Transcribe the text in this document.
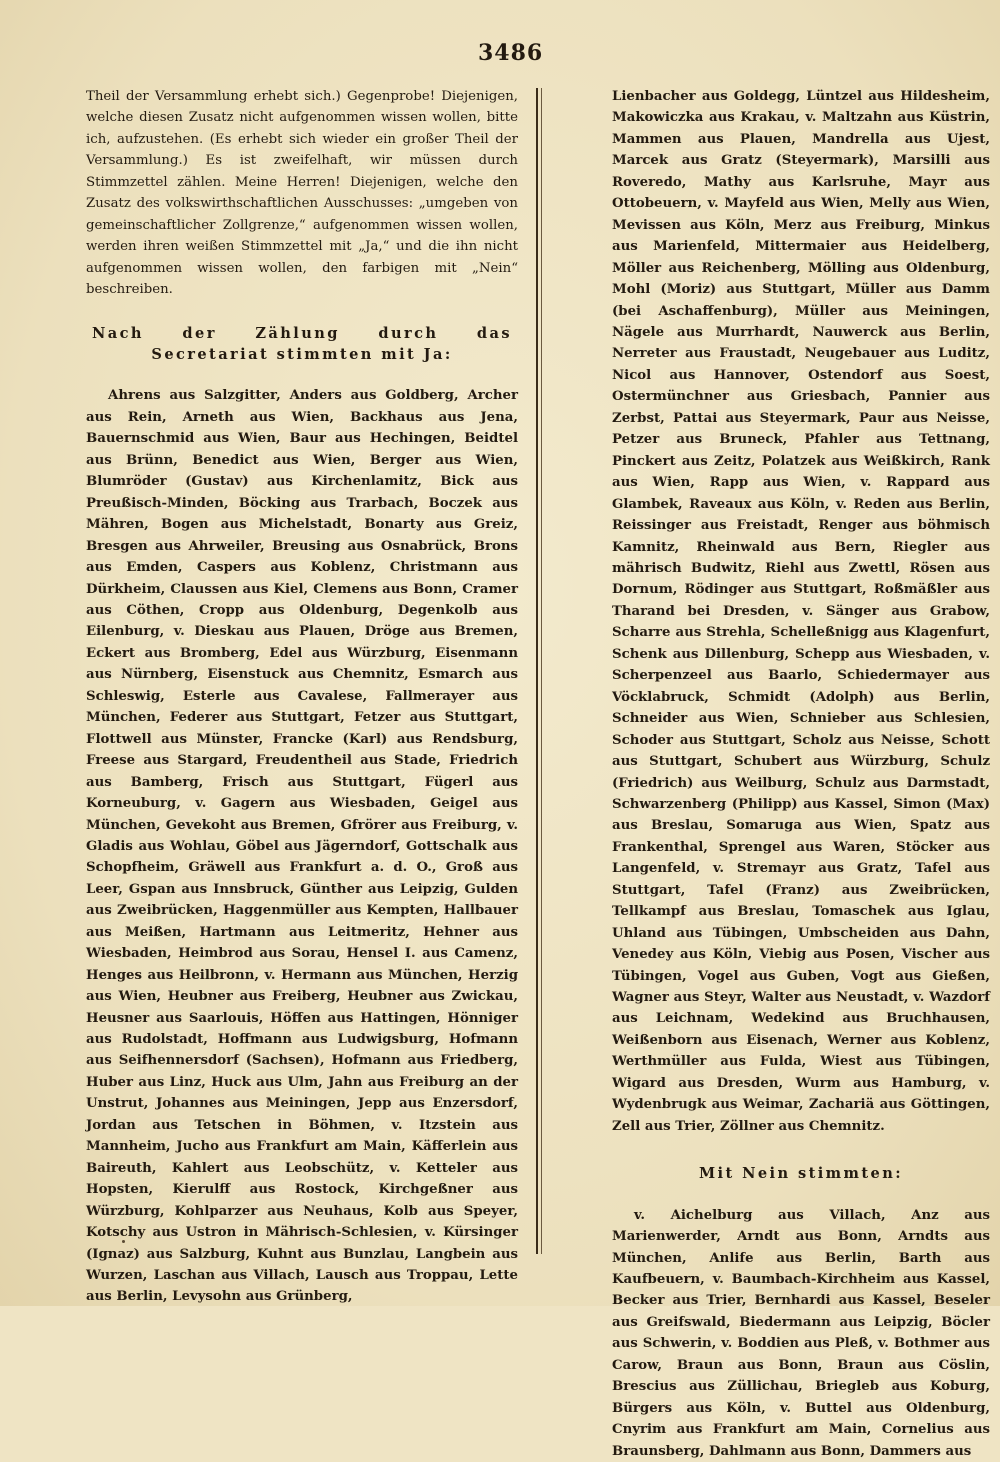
3486

Theil der Versammlung erhebt sich.) Gegenprobe! Diejenigen, welche diesen Zusatz nicht aufgenommen wissen wollen, bitte ich, aufzustehen. (Es erhebt sich wieder ein großer Theil der Versammlung.) Es ist zweifelhaft, wir müssen durch Stimmzettel zählen. Meine Herren! Diejenigen, welche den Zusatz des volkswirthschaftlichen Ausschusses: „umgeben von gemeinschaftlicher Zollgrenze,“ aufgenommen wissen wollen, werden ihren weißen Stimmzettel mit „Ja,“ und die ihn nicht aufgenommen wissen wollen, den farbigen mit „Nein“ beschreiben.

Nach der Zählung durch das Secretariat stimmten mit Ja:

Ahrens aus Salzgitter, Anders aus Goldberg, Archer aus Rein, Arneth aus Wien, Backhaus aus Jena, Bauernschmid aus Wien, Baur aus Hechingen, Beidtel aus Brünn, Benedict aus Wien, Berger aus Wien, Blumröder (Gustav) aus Kirchenlamitz, Bick aus Preußisch-Minden, Böcking aus Trarbach, Boczek aus Mähren, Bogen aus Michelstadt, Bonarty aus Greiz, Bresgen aus Ahrweiler, Breusing aus Osnabrück, Brons aus Emden, Caspers aus Koblenz, Christmann aus Dürkheim, Claussen aus Kiel, Clemens aus Bonn, Cramer aus Cöthen, Cropp aus Oldenburg, Degenkolb aus Eilenburg, v. Dieskau aus Plauen, Dröge aus Bremen, Eckert aus Bromberg, Edel aus Würzburg, Eisenmann aus Nürnberg, Eisenstuck aus Chemnitz, Esmarch aus Schleswig, Esterle aus Cavalese, Fallmerayer aus München, Federer aus Stuttgart, Fetzer aus Stuttgart, Flottwell aus Münster, Francke (Karl) aus Rendsburg, Freese aus Stargard, Freudentheil aus Stade, Friedrich aus Bamberg, Frisch aus Stuttgart, Fügerl aus Korneuburg, v. Gagern aus Wiesbaden, Geigel aus München, Gevekoht aus Bremen, Gfrörer aus Freiburg, v. Gladis aus Wohlau, Göbel aus Jägerndorf, Gottschalk aus Schopfheim, Gräwell aus Frankfurt a. d. O., Groß aus Leer, Gspan aus Innsbruck, Günther aus Leipzig, Gulden aus Zweibrücken, Haggenmüller aus Kempten, Hallbauer aus Meißen, Hartmann aus Leitmeritz, Hehner aus Wiesbaden, Heimbrod aus Sorau, Hensel I. aus Camenz, Henges aus Heilbronn, v. Hermann aus München, Herzig aus Wien, Heubner aus Freiberg, Heubner aus Zwickau, Heusner aus Saarlouis, Höffen aus Hattingen, Hönniger aus Rudolstadt, Hoffmann aus Ludwigsburg, Hofmann aus Seifhennersdorf (Sachsen), Hofmann aus Friedberg, Huber aus Linz, Huck aus Ulm, Jahn aus Freiburg an der Unstrut, Johannes aus Meiningen, Jepp aus Enzersdorf, Jordan aus Tetschen in Böhmen, v. Itzstein aus Mannheim, Jucho aus Frankfurt am Main, Käfferlein aus Baireuth, Kahlert aus Leobschütz, v. Ketteler aus Hopsten, Kierulff aus Rostock, Kirchgeßner aus Würzburg, Kohlparzer aus Neuhaus, Kolb aus Speyer, Kotschy aus Ustron in Mährisch-Schlesien, v. Kürsinger (Ignaz) aus Salzburg, Kuhnt aus Bunzlau, Langbein aus Wurzen, Laschan aus Villach, Lausch aus Troppau, Lette aus Berlin, Levysohn aus Grünberg,

Lienbacher aus Goldegg, Lüntzel aus Hildesheim, Makowiczka aus Krakau, v. Maltzahn aus Küstrin, Mammen aus Plauen, Mandrella aus Ujest, Marcek aus Gratz (Steyermark), Marsilli aus Roveredo, Mathy aus Karlsruhe, Mayr aus Ottobeuern, v. Mayfeld aus Wien, Melly aus Wien, Mevissen aus Köln, Merz aus Freiburg, Minkus aus Marienfeld, Mittermaier aus Heidelberg, Möller aus Reichenberg, Mölling aus Oldenburg, Mohl (Moriz) aus Stuttgart, Müller aus Damm (bei Aschaffenburg), Müller aus Meiningen, Nägele aus Murrhardt, Nauwerck aus Berlin, Nerreter aus Fraustadt, Neugebauer aus Luditz, Nicol aus Hannover, Ostendorf aus Soest, Ostermünchner aus Griesbach, Pannier aus Zerbst, Pattai aus Steyermark, Paur aus Neisse, Petzer aus Bruneck, Pfahler aus Tettnang, Pinckert aus Zeitz, Polatzek aus Weißkirch, Rank aus Wien, Rapp aus Wien, v. Rappard aus Glambek, Raveaux aus Köln, v. Reden aus Berlin, Reissinger aus Freistadt, Renger aus böhmisch Kamnitz, Rheinwald aus Bern, Riegler aus mährisch Budwitz, Riehl aus Zwettl, Rösen aus Dornum, Rödinger aus Stuttgart, Roßmäßler aus Tharand bei Dresden, v. Sänger aus Grabow, Scharre aus Strehla, Schelleßnigg aus Klagenfurt, Schenk aus Dillenburg, Schepp aus Wiesbaden, v. Scherpenzeel aus Baarlo, Schiedermayer aus Vöcklabruck, Schmidt (Adolph) aus Berlin, Schneider aus Wien, Schnieber aus Schlesien, Schoder aus Stuttgart, Scholz aus Neisse, Schott aus Stuttgart, Schubert aus Würzburg, Schulz (Friedrich) aus Weilburg, Schulz aus Darmstadt, Schwarzenberg (Philipp) aus Kassel, Simon (Max) aus Breslau, Somaruga aus Wien, Spatz aus Frankenthal, Sprengel aus Waren, Stöcker aus Langenfeld, v. Stremayr aus Gratz, Tafel aus Stuttgart, Tafel (Franz) aus Zweibrücken, Tellkampf aus Breslau, Tomaschek aus Iglau, Uhland aus Tübingen, Umbscheiden aus Dahn, Venedey aus Köln, Viebig aus Posen, Vischer aus Tübingen, Vogel aus Guben, Vogt aus Gießen, Wagner aus Steyr, Walter aus Neustadt, v. Wazdorf aus Leichnam, Wedekind aus Bruchhausen, Weißenborn aus Eisenach, Werner aus Koblenz, Werthmüller aus Fulda, Wiest aus Tübingen, Wigard aus Dresden, Wurm aus Hamburg, v. Wydenbrugk aus Weimar, Zachariä aus Göttingen, Zell aus Trier, Zöllner aus Chemnitz.

Mit Nein stimmten:

v. Aichelburg aus Villach, Anz aus Marienwerder, Arndt aus Bonn, Arndts aus München, Anlife aus Berlin, Barth aus Kaufbeuern, v. Baumbach-Kirchheim aus Kassel, Becker aus Trier, Bernhardi aus Kassel, Beseler aus Greifswald, Biedermann aus Leipzig, Böcler aus Schwerin, v. Boddien aus Pleß, v. Bothmer aus Carow, Braun aus Bonn, Braun aus Cöslin, Brescius aus Züllichau, Briegleb aus Koburg, Bürgers aus Köln, v. Buttel aus Oldenburg, Cnyrim aus Frankfurt am Main, Cornelius aus Braunsberg, Dahlmann aus Bonn, Dammers aus
